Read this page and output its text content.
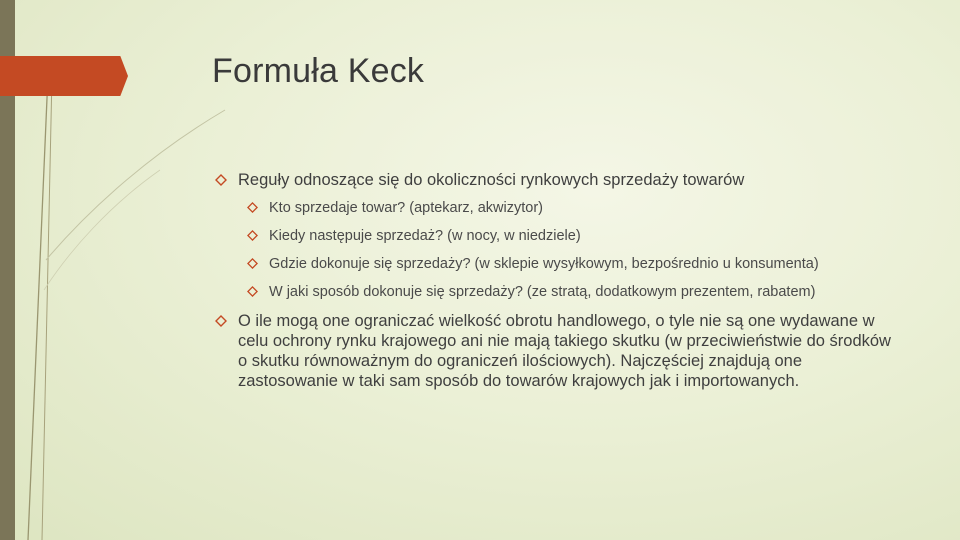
Formuła Keck
Reguły odnoszące się do okoliczności rynkowych sprzedaży towarów
Kto sprzedaje towar? (aptekarz, akwizytor)
Kiedy następuje sprzedaż? (w nocy, w niedziele)
Gdzie dokonuje się sprzedaży? (w sklepie wysyłkowym, bezpośrednio u konsumenta)
W jaki sposób dokonuje się sprzedaży? (ze stratą, dodatkowym prezentem, rabatem)
O ile mogą one ograniczać wielkość obrotu handlowego, o tyle nie są one wydawane w celu ochrony rynku krajowego ani nie mają takiego skutku (w przeciwieństwie do środków o skutku równoważnym do ograniczeń ilościowych). Najczęściej znajdują one zastosowanie w taki sam sposób do towarów krajowych jak i importowanych.
